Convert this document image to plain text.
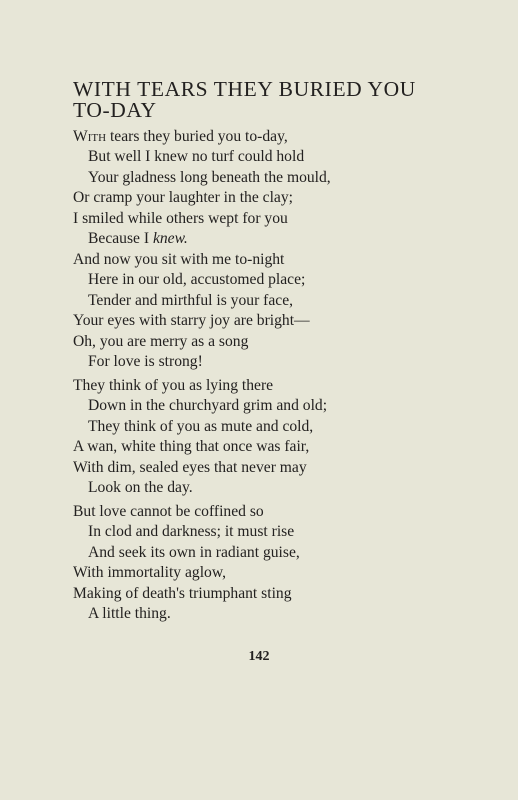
WITH TEARS THEY BURIED YOU
TO-DAY
With tears they buried you to-day,
But well I knew no turf could hold
Your gladness long beneath the mould,
Or cramp your laughter in the clay;
I smiled while others wept for you
Because I knew.
And now you sit with me to-night
Here in our old, accustomed place;
Tender and mirthful is your face,
Your eyes with starry joy are bright—
Oh, you are merry as a song
For love is strong!
They think of you as lying there
Down in the churchyard grim and old;
They think of you as mute and cold,
A wan, white thing that once was fair,
With dim, sealed eyes that never may
Look on the day.
But love cannot be coffined so
In clod and darkness; it must rise
And seek its own in radiant guise,
With immortality aglow,
Making of death's triumphant sting
A little thing.
142
